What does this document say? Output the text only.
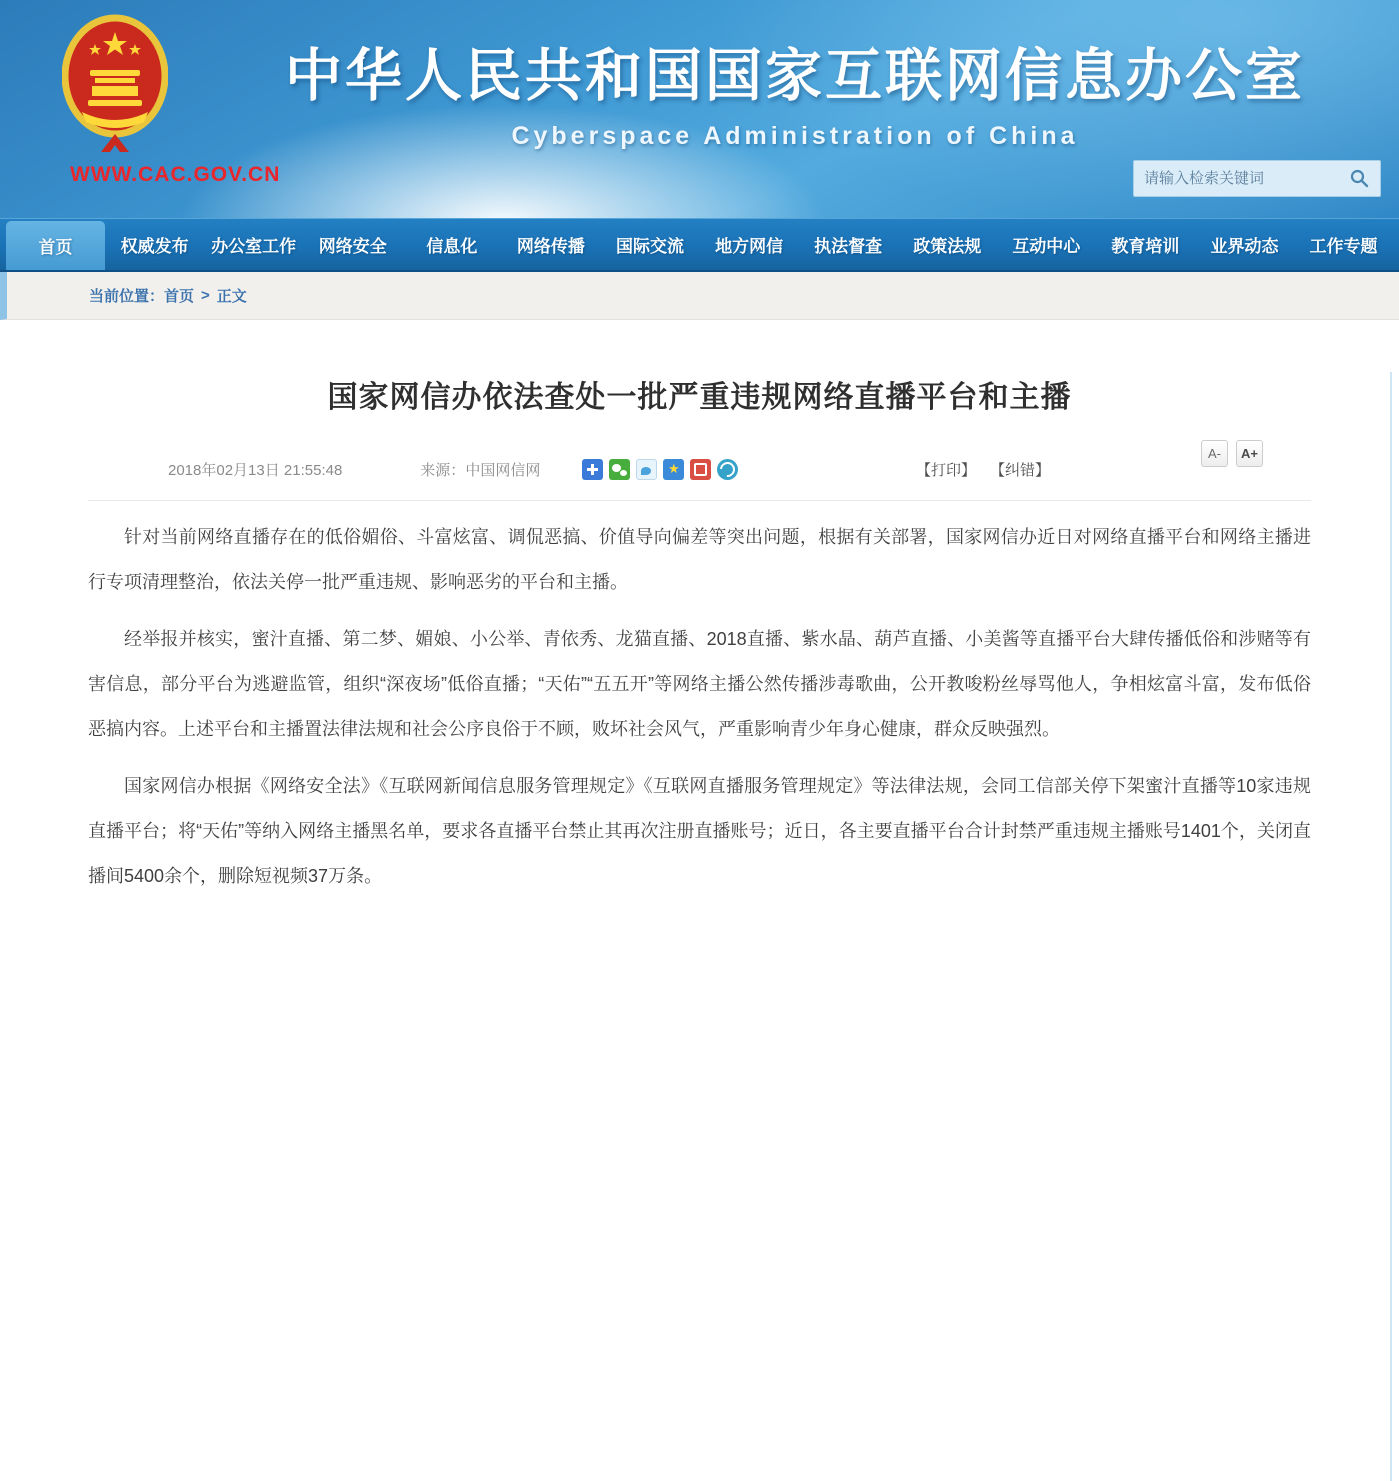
中华人民共和国国家互联网信息办公室
Cyberspace Administration of China
WWW.CAC.GOV.CN
请输入检索关键词
首页	权威发布	办公室工作	网络安全	信息化	网络传播	国际交流	地方网信	执法督查	政策法规	互动中心	教育培训	业界动态	工作专题
当前位置： 首页 > 正文
国家网信办依法查处一批严重违规网络直播平台和主播
2018年02月13日 21:55:48	来源：中国网信网	★	【打印】 【纠错】
A-	A+

针对当前网络直播存在的低俗媚俗、斗富炫富、调侃恶搞、价值导向偏差等突出问题，根据有关部署，国家网信办近日对网络直播平台和网络主播进行专项清理整治，依法关停一批严重违规、影响恶劣的平台和主播。

经举报并核实，蜜汁直播、第二梦、媚娘、小公举、青依秀、龙猫直播、2018直播、紫水晶、葫芦直播、小美酱等直播平台大肆传播低俗和涉赌等有害信息，部分平台为逃避监管，组织“深夜场”低俗直播；“天佑”“五五开”等网络主播公然传播涉毒歌曲，公开教唆粉丝辱骂他人，争相炫富斗富，发布低俗恶搞内容。上述平台和主播置法律法规和社会公序良俗于不顾，败坏社会风气，严重影响青少年身心健康，群众反映强烈。

国家网信办根据《网络安全法》《互联网新闻信息服务管理规定》《互联网直播服务管理规定》等法律法规，会同工信部关停下架蜜汁直播等10家违规直播平台；将“天佑”等纳入网络主播黑名单，要求各直播平台禁止其再次注册直播账号；近日，各主要直播平台合计封禁严重违规主播账号1401个，关闭直播间5400余个，删除短视频37万条。
